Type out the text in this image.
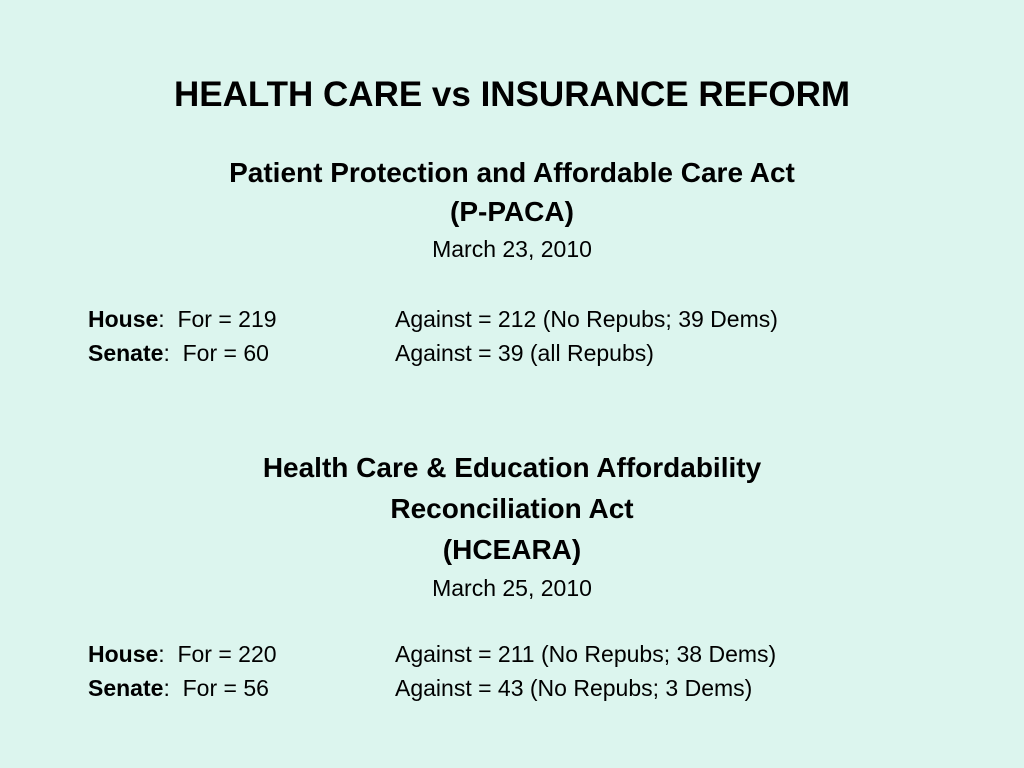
HEALTH CARE vs INSURANCE REFORM
Patient Protection and Affordable Care Act
(P-PACA)
March 23, 2010
House:  For = 219	Against = 212 (No Repubs; 39 Dems)
Senate:  For = 60	Against = 39 (all Repubs)
Health Care & Education Affordability
Reconciliation Act
(HCEARA)
March 25, 2010
House:  For = 220	Against = 211 (No Repubs; 38 Dems)
Senate:  For = 56	Against = 43 (No Repubs; 3 Dems)
